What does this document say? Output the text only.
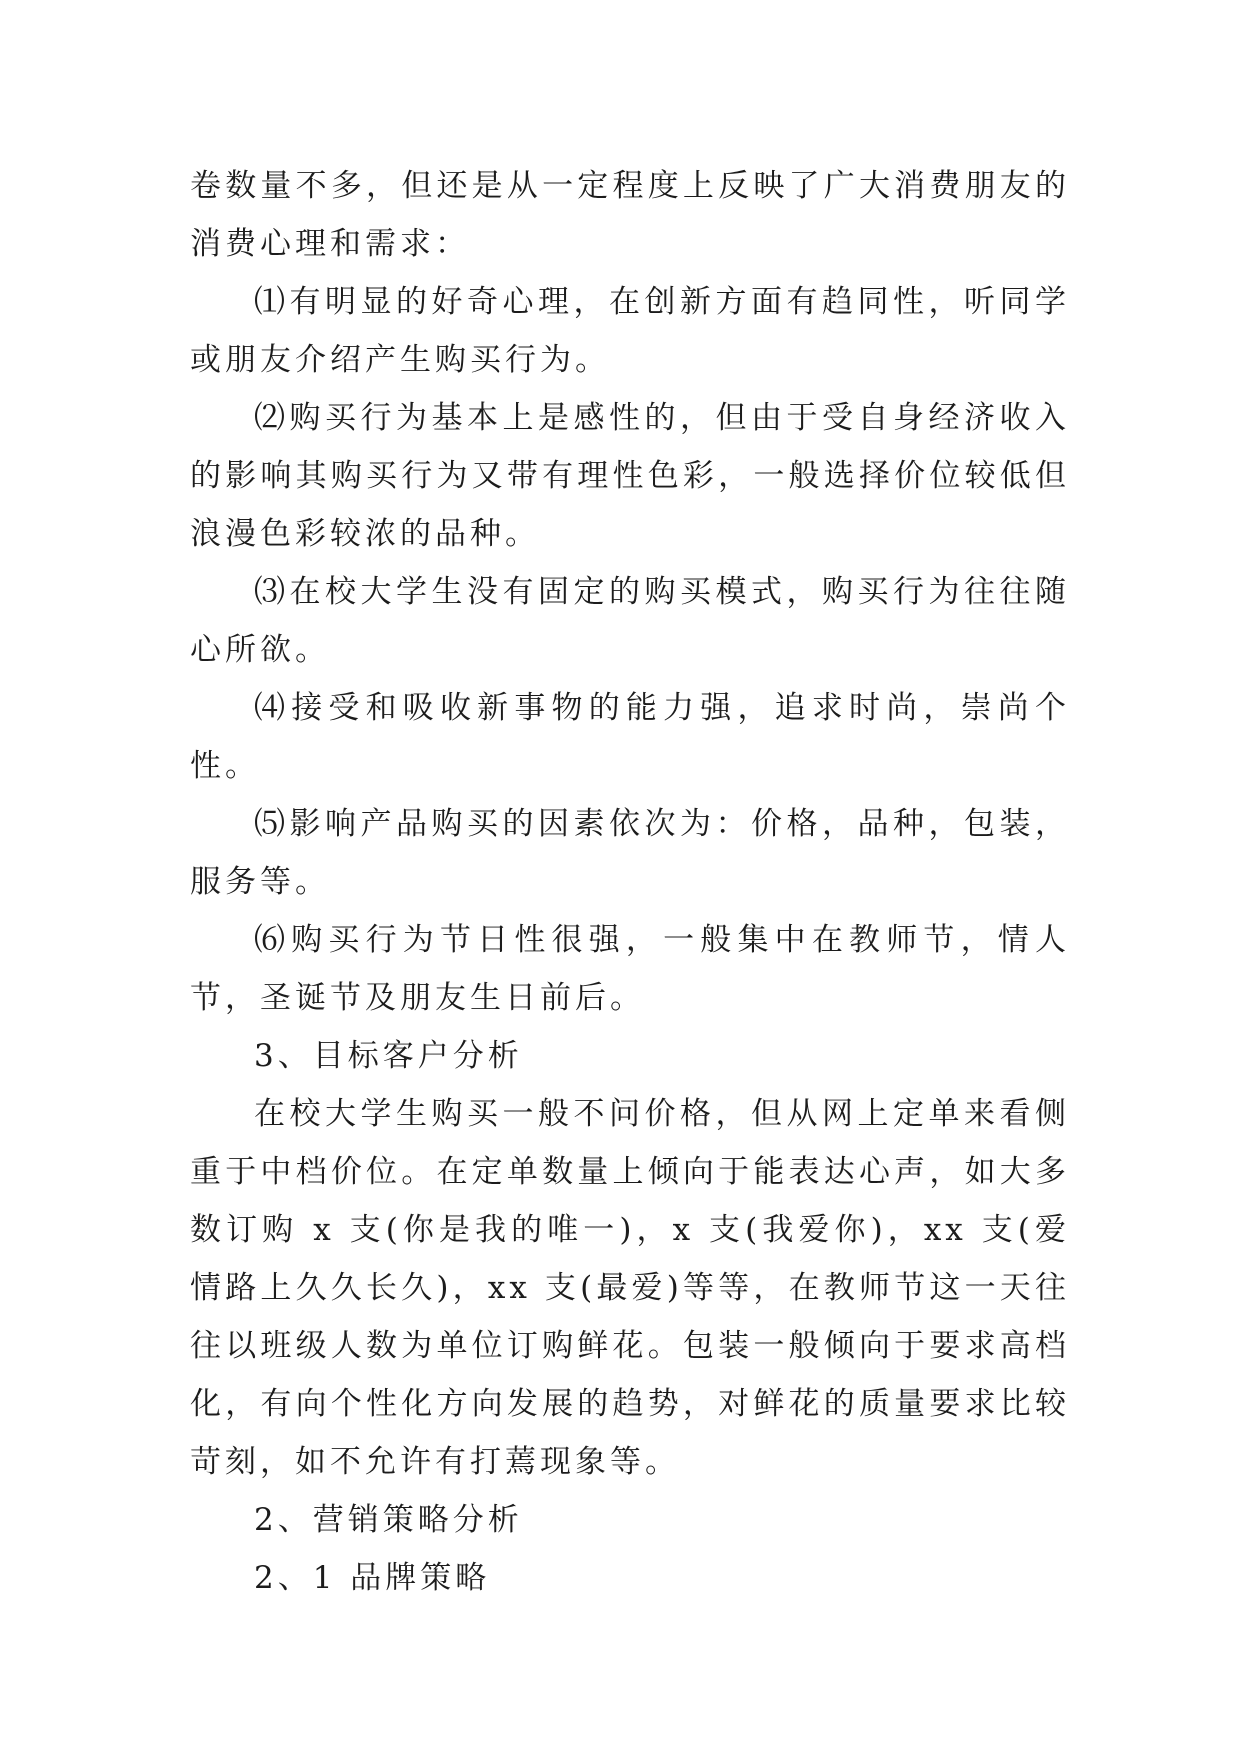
卷数量不多，但还是从一定程度上反映了广大消费朋友的消费心理和需求：

⑴有明显的好奇心理，在创新方面有趋同性，听同学或朋友介绍产生购买行为。

⑵购买行为基本上是感性的，但由于受自身经济收入的影响其购买行为又带有理性色彩，一般选择价位较低但浪漫色彩较浓的品种。

⑶在校大学生没有固定的购买模式，购买行为往往随心所欲。

⑷接受和吸收新事物的能力强，追求时尚，崇尚个性。

⑸影响产品购买的因素依次为：价格，品种，包装，服务等。

⑹购买行为节日性很强，一般集中在教师节，情人节，圣诞节及朋友生日前后。

3、目标客户分析

在校大学生购买一般不问价格，但从网上定单来看侧重于中档价位。在定单数量上倾向于能表达心声，如大多数订购 x 支(你是我的唯一)，x 支(我爱你)，xx 支(爱情路上久久长久)，xx 支(最爱)等等，在教师节这一天往往以班级人数为单位订购鲜花。包装一般倾向于要求高档化，有向个性化方向发展的趋势，对鲜花的质量要求比较苛刻，如不允许有打蔫现象等。

2、营销策略分析

2、1 品牌策略
